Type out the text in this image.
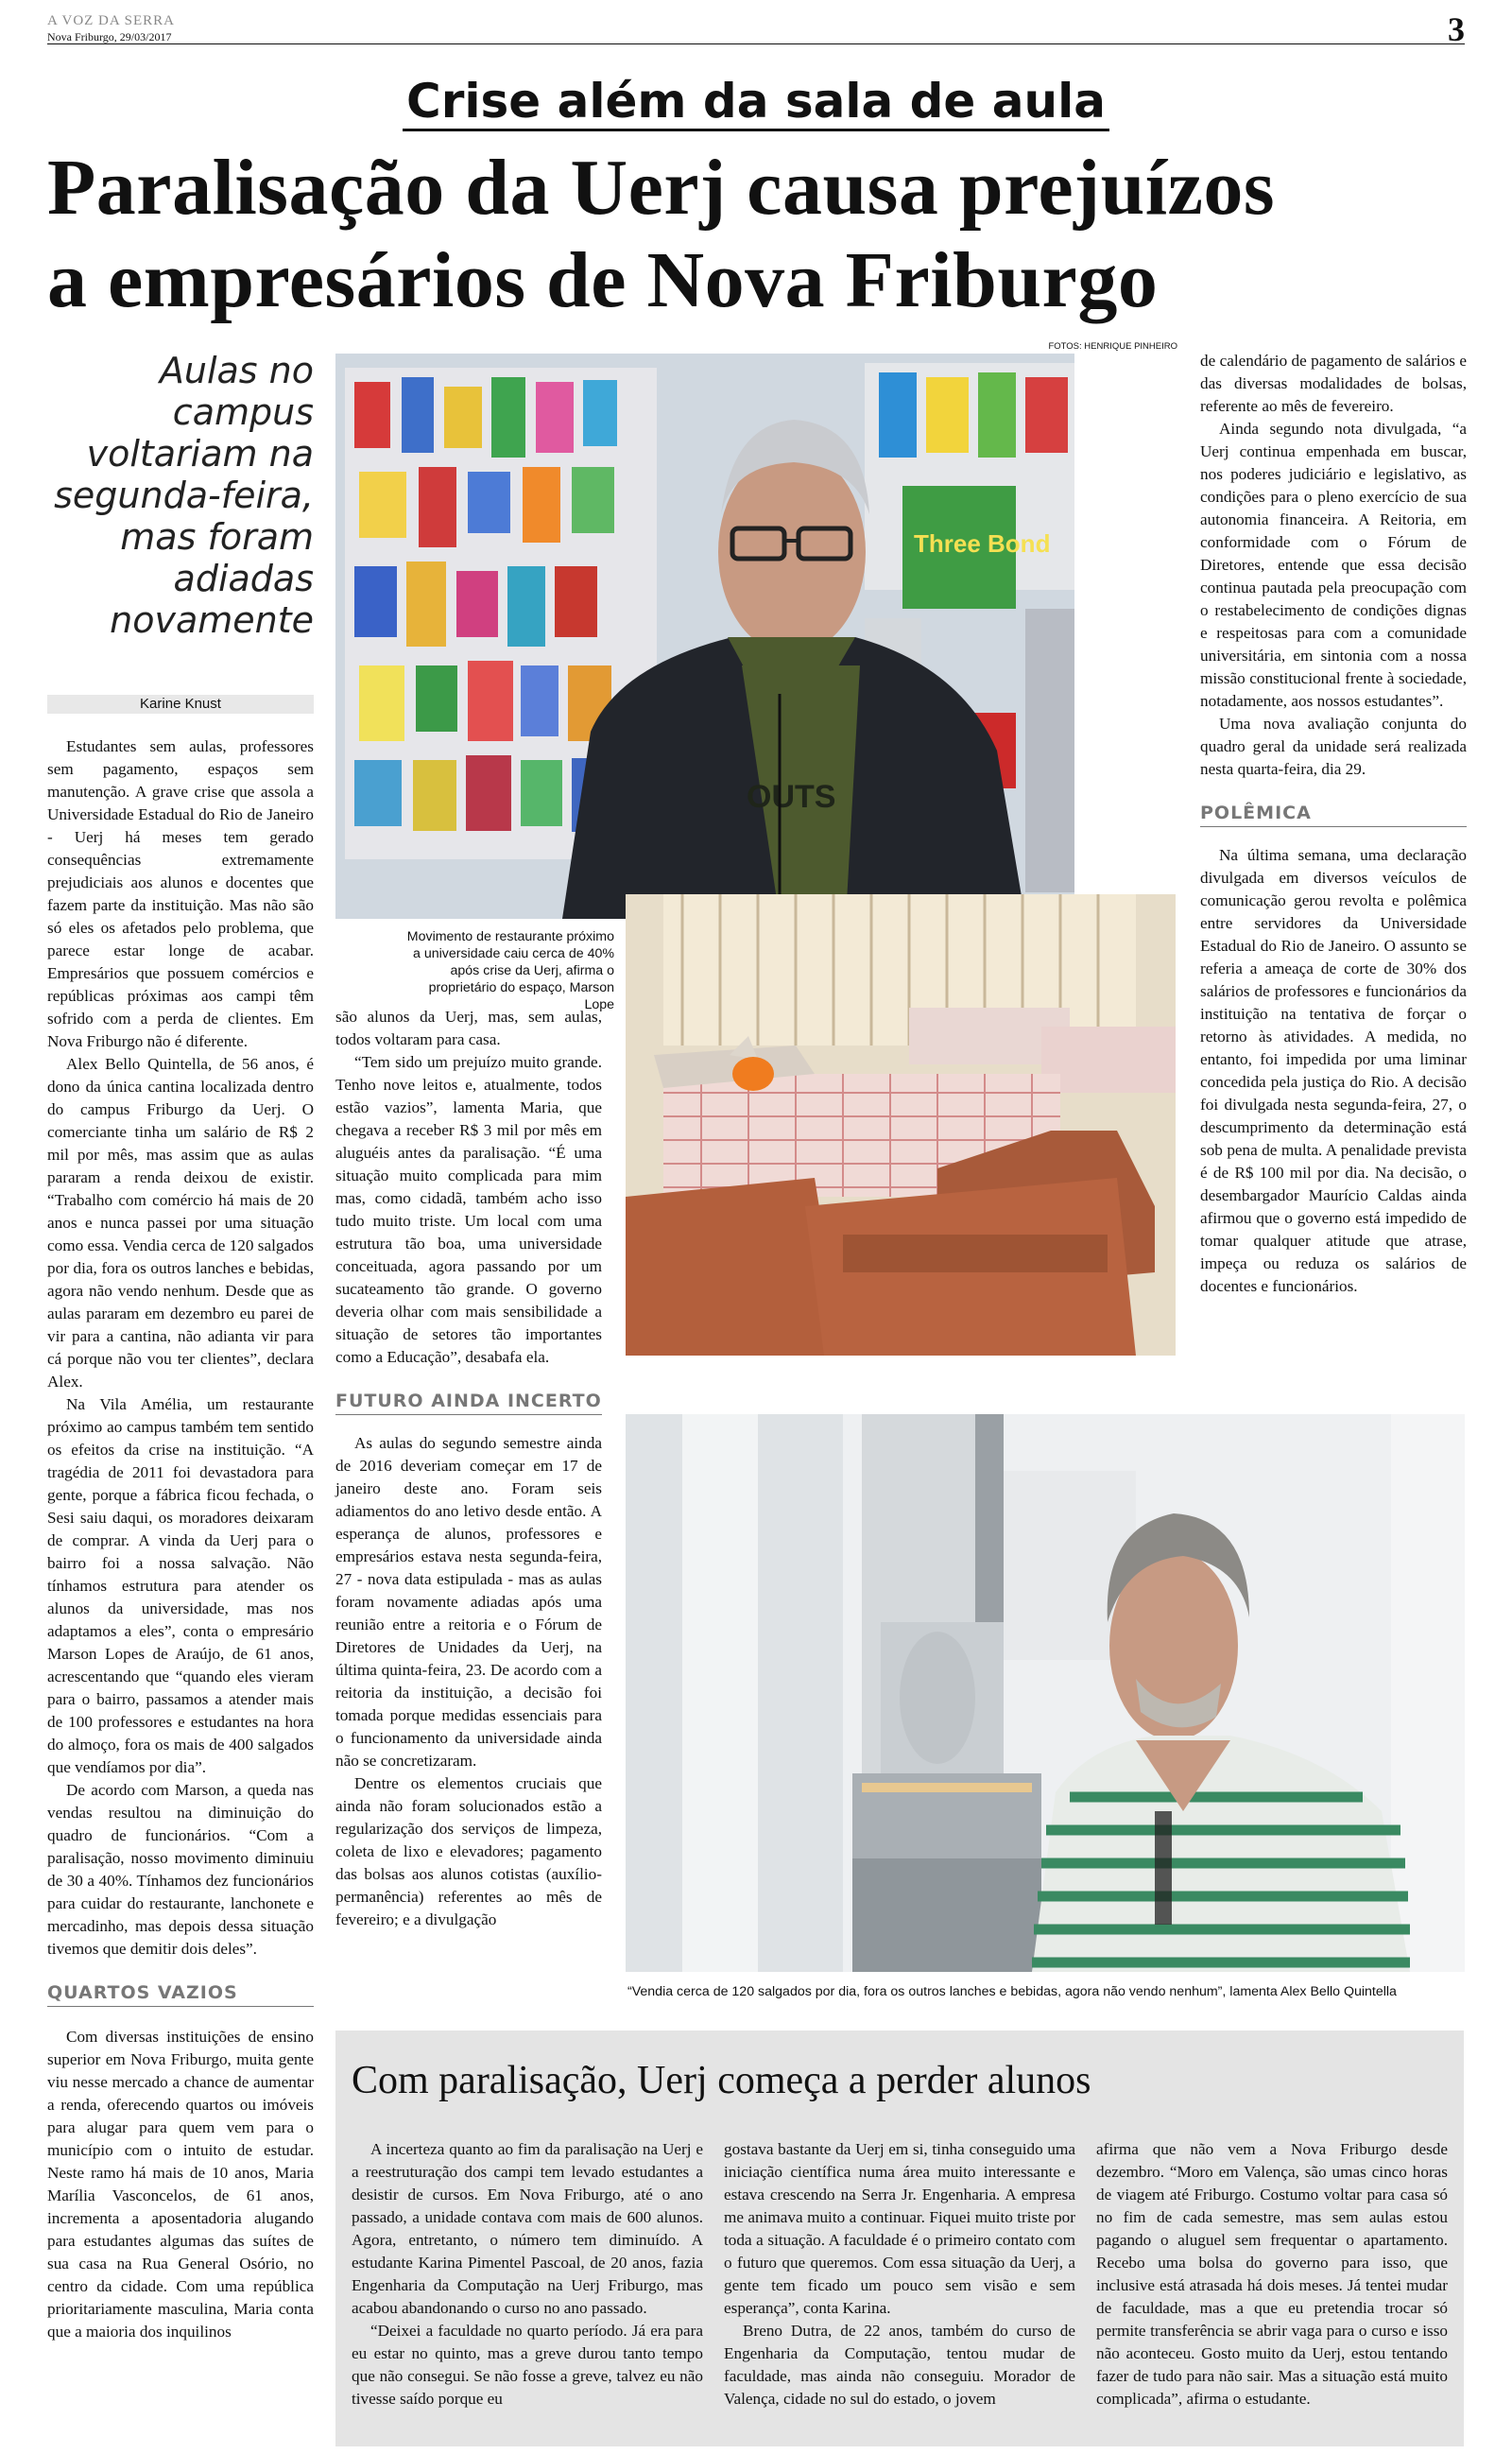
A VOZ DA SERRA
Nova Friburgo, 29/03/2017	3
Crise além da sala de aula
Paralisação da Uerj causa prejuízos
a empresários de Nova Friburgo
Aulas no campus voltariam na segunda-feira, mas foram adiadas novamente
Karine Knust

Estudantes sem aulas, professores sem pagamento, espaços sem manutenção. A grave crise que assola a Universidade Estadual do Rio de Janeiro - Uerj há meses tem gerado consequências extremamente prejudiciais aos alunos e docentes que fazem parte da instituição. Mas não são só eles os afetados pelo problema, que parece estar longe de acabar. Empresários que possuem comércios e repúblicas próximas aos campi têm sofrido com a perda de clientes. Em Nova Friburgo não é diferente.

Alex Bello Quintella, de 56 anos, é dono da única cantina localizada dentro do campus Friburgo da Uerj. O comerciante tinha um salário de R$ 2 mil por mês, mas assim que as aulas pararam a renda deixou de existir. “Trabalho com comércio há mais de 20 anos e nunca passei por uma situação como essa. Vendia cerca de 120 salgados por dia, fora os outros lanches e bebidas, agora não vendo nenhum. Desde que as aulas pararam em dezembro eu parei de vir para a cantina, não adianta vir para cá porque não vou ter clientes”, declara Alex.

Na Vila Amélia, um restaurante próximo ao campus também tem sentido os efeitos da crise na instituição. “A tragédia de 2011 foi devastadora para gente, porque a fábrica ficou fechada, o Sesi saiu daqui, os moradores deixaram de comprar. A vinda da Uerj para o bairro foi a nossa salvação. Não tínhamos estrutura para atender os alunos da universidade, mas nos adaptamos a eles”, conta o empresário Marson Lopes de Araújo, de 61 anos, acrescentando que “quando eles vieram para o bairro, passamos a atender mais de 100 professores e estudantes na hora do almoço, fora os mais de 400 salgados que vendíamos por dia”.

De acordo com Marson, a queda nas vendas resultou na diminuição do quadro de funcionários. “Com a paralisação, nosso movimento diminuiu de 30 a 40%. Tínhamos dez funcionários para cuidar do restaurante, lanchonete e mercadinho, mas depois dessa situação tivemos que demitir dois deles”.

QUARTOS VAZIOS

Com diversas instituições de ensino superior em Nova Friburgo, muita gente viu nesse mercado a chance de aumentar a renda, oferecendo quartos ou imóveis para alugar para quem vem para o município com o intuito de estudar. Neste ramo há mais de 10 anos, Maria Marília Vasconcelos, de 61 anos, incrementa a aposentadoria alugando para estudantes algumas das suítes de sua casa na Rua General Osório, no centro da cidade. Com uma república prioritariamente masculina, Maria conta que a maioria dos inquilinos

FOTOS: HENRIQUE PINHEIRO
Three Bond
OUTS
Movimento de restaurante próximo a universidade caiu cerca de 40% após crise da Uerj, afirma o proprietário do espaço, Marson Lope

são alunos da Uerj, mas, sem aulas, todos voltaram para casa.

“Tem sido um prejuízo muito grande. Tenho nove leitos e, atualmente, todos estão vazios”, lamenta Maria, que chegava a receber R$ 3 mil por mês em aluguéis antes da paralisação. “É uma situação muito complicada para mim mas, como cidadã, também acho isso tudo muito triste. Um local com uma estrutura tão boa, uma universidade conceituada, agora passando por um sucateamento tão grande. O governo deveria olhar com mais sensibilidade a situação de setores tão importantes como a Educação”, desabafa ela.

FUTURO AINDA INCERTO

As aulas do segundo semestre ainda de 2016 deveriam começar em 17 de janeiro deste ano. Foram seis adiamentos do ano letivo desde então. A esperança de alunos, professores e empresários estava nesta segunda-feira, 27 - nova data estipulada - mas as aulas foram novamente adiadas após uma reunião entre a reitoria e o Fórum de Diretores de Unidades da Uerj, na última quinta-feira, 23. De acordo com a reitoria da instituição, a decisão foi tomada porque medidas essenciais para o funcionamento da universidade ainda não se concretizaram.

Dentre os elementos cruciais que ainda não foram solucionados estão a regularização dos serviços de limpeza, coleta de lixo e elevadores; pagamento das bolsas aos alunos cotistas (auxílio-permanência) referentes ao mês de fevereiro; e a divulgação

de calendário de pagamento de salários e das diversas modalidades de bolsas, referente ao mês de fevereiro.

Ainda segundo nota divulgada, “a Uerj continua empenhada em buscar, nos poderes judiciário e legislativo, as condições para o pleno exercício de sua autonomia financeira. A Reitoria, em conformidade com o Fórum de Diretores, entende que essa decisão continua pautada pela preocupação com o restabelecimento de condições dignas e respeitosas para com a comunidade universitária, em sintonia com a nossa missão constitucional frente à sociedade, notadamente, aos nossos estudantes”.

Uma nova avaliação conjunta do quadro geral da unidade será realizada nesta quarta-feira, dia 29.

POLÊMICA

Na última semana, uma declaração divulgada em diversos veículos de comunicação gerou revolta e polêmica entre servidores da Universidade Estadual do Rio de Janeiro. O assunto se referia a ameaça de corte de 30% dos salários de professores e funcionários da instituição na tentativa de forçar o retorno às atividades. A medida, no entanto, foi impedida por uma liminar concedida pela justiça do Rio. A decisão foi divulgada nesta segunda-feira, 27, o descumprimento da determinação está sob pena de multa. A penalidade prevista é de R$ 100 mil por dia. Na decisão, o desembargador Maurício Caldas ainda afirmou que o governo está impedido de tomar qualquer atitude que atrase, impeça ou reduza os salários de docentes e funcionários.

“Vendia cerca de 120 salgados por dia, fora os outros lanches e bebidas, agora não vendo nenhum”, lamenta Alex Bello Quintella
Com paralisação, Uerj começa a perder alunos

A incerteza quanto ao fim da paralisação na Uerj e a reestruturação dos campi tem levado estudantes a desistir de cursos. Em Nova Friburgo, até o ano passado, a unidade contava com mais de 600 alunos. Agora, entretanto, o número tem diminuído. A estudante Karina Pimentel Pascoal, de 20 anos, fazia Engenharia da Computação na Uerj Friburgo, mas acabou abandonando o curso no ano passado.

“Deixei a faculdade no quarto período. Já era para eu estar no quinto, mas a greve durou tanto tempo que não consegui. Se não fosse a greve, talvez eu não tivesse saído porque eu

gostava bastante da Uerj em si, tinha conseguido uma iniciação científica numa área muito interessante e estava crescendo na Serra Jr. Engenharia. A empresa me animava muito a continuar. Fiquei muito triste por toda a situação. A faculdade é o primeiro contato com o futuro que queremos. Com essa situação da Uerj, a gente tem ficado um pouco sem visão e sem esperança”, conta Karina.

Breno Dutra, de 22 anos, também do curso de Engenharia da Computação, tentou mudar de faculdade, mas ainda não conseguiu. Morador de Valença, cidade no sul do estado, o jovem

afirma que não vem a Nova Friburgo desde dezembro. “Moro em Valença, são umas cinco horas de viagem até Friburgo. Costumo voltar para casa só no fim de cada semestre, mas sem aulas estou pagando o aluguel sem frequentar o apartamento. Recebo uma bolsa do governo para isso, que inclusive está atrasada há dois meses. Já tentei mudar de faculdade, mas a que eu pretendia trocar só permite transferência se abrir vaga para o curso e isso não aconteceu. Gosto muito da Uerj, estou tentando fazer de tudo para não sair. Mas a situação está muito complicada”, afirma o estudante.
